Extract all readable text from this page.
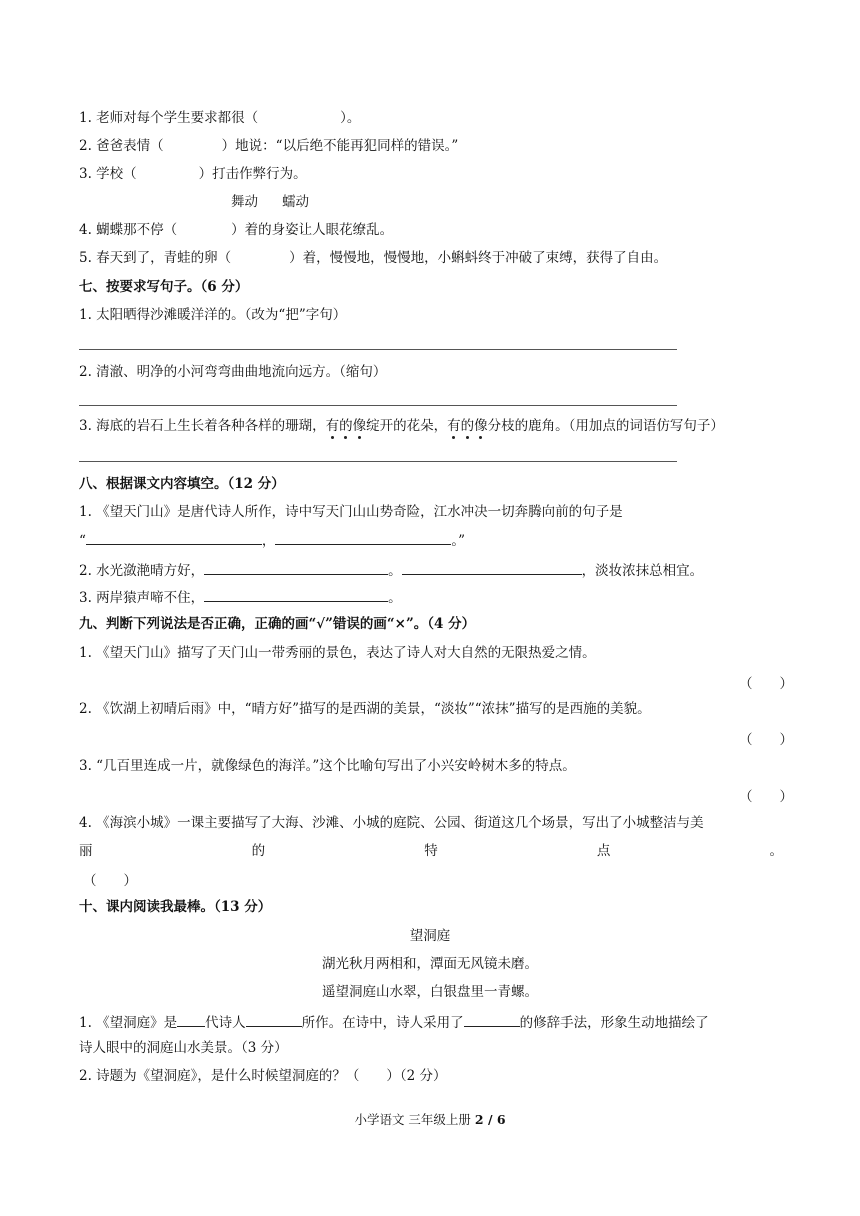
1. 老师对每个学生要求都很（	）。
2. 爸爸表情（	）地说：“以后绝不能再犯同样的错误。”
3. 学校（	）打击作弊行为。
舞动 蠕动
4. 蝴蝶那不停（	）着的身姿让人眼花缭乱。
5. 春天到了，青蛙的卵（	）着，慢慢地，慢慢地，小蝌蚪终于冲破了束缚，获得了自由。
七、按要求写句子。（6 分）
1. 太阳晒得沙滩暖洋洋的。（改为“把”字句）
2. 清澈、明净的小河弯弯曲曲地流向远方。（缩句）
3. 海底的岩石上生长着各种各样的珊瑚，有的像绽开的花朵，有的像分枝的鹿角。（用加点的词语仿写句子）
八、根据课文内容填空。（12 分）
1. 《望天门山》是唐代诗人所作，诗中写天门山山势奇险，江水冲决一切奔腾向前的句子是
“	，	。”
2. 水光潋滟晴方好，	。	，淡妆浓抹总相宜。
3. 两岸猿声啼不住，	。
九、判断下列说法是否正确，正确的画“√”错误的画“×”。（4 分）
1. 《望天门山》描写了天门山一带秀丽的景色，表达了诗人对大自然的无限热爱之情。
（　　）
2. 《饮湖上初晴后雨》中，“晴方好”描写的是西湖的美景，“淡妆”“浓抹”描写的是西施的美貌。
（　　）
3. “几百里连成一片，就像绿色的海洋。”这个比喻句写出了小兴安岭树木多的特点。
（　　）
4. 《海滨小城》一课主要描写了大海、沙滩、小城的庭院、公园、街道这几个场景，写出了小城整洁与美
丽	的	特	点	。
（　　）
十、课内阅读我最棒。（13 分）
望洞庭
湖光秋月两相和，潭面无风镜未磨。
遥望洞庭山水翠，白银盘里一青螺。
1. 《望洞庭》是 代诗人	所作。在诗中，诗人采用了	的修辞手法，形象生动地描绘了
诗人眼中的洞庭山水美景。（3 分）
2. 诗题为《望洞庭》，是什么时候望洞庭的？（　　）（2 分）
小学语文 三年级上册 2 / 6
